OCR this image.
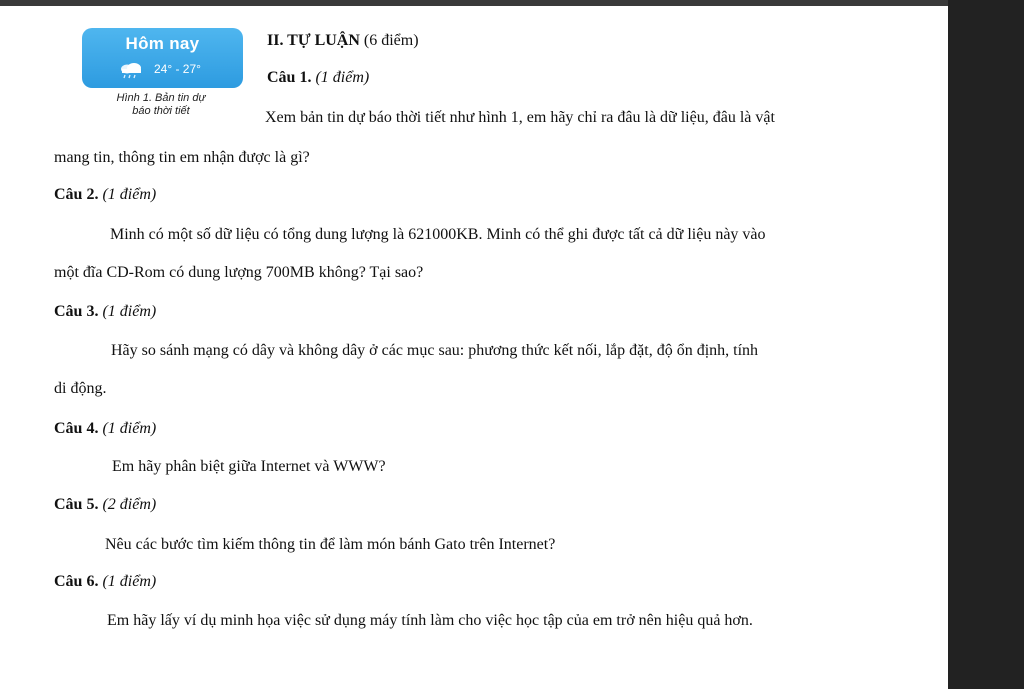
Hôm nay
24° - 27°
Hình 1. Bản tin dự
báo thời tiết
II. TỰ LUẬN (6 điểm)
Câu 1. (1 điểm)
Xem bản tin dự báo thời tiết như hình 1, em hãy chỉ ra đâu là dữ liệu, đâu là vật
mang tin, thông tin em nhận được là gì?
Câu 2. (1 điểm)
Minh có một số dữ liệu có tổng dung lượng là 621000KB. Minh có thể ghi được tất cả dữ liệu này vào
một đĩa CD-Rom có dung lượng 700MB không? Tại sao?
Câu 3. (1 điểm)
Hãy so sánh mạng có dây và không dây ở các mục sau: phương thức kết nối, lắp đặt, độ ổn định, tính
di động.
Câu 4. (1 điểm)
Em hãy phân biệt giữa Internet và WWW?
Câu 5. (2 điểm)
Nêu các bước tìm kiếm thông tin để làm món bánh Gato trên Internet?
Câu 6. (1 điểm)
Em hãy lấy ví dụ minh họa việc sử dụng máy tính làm cho việc học tập của em trở nên hiệu quả hơn.
